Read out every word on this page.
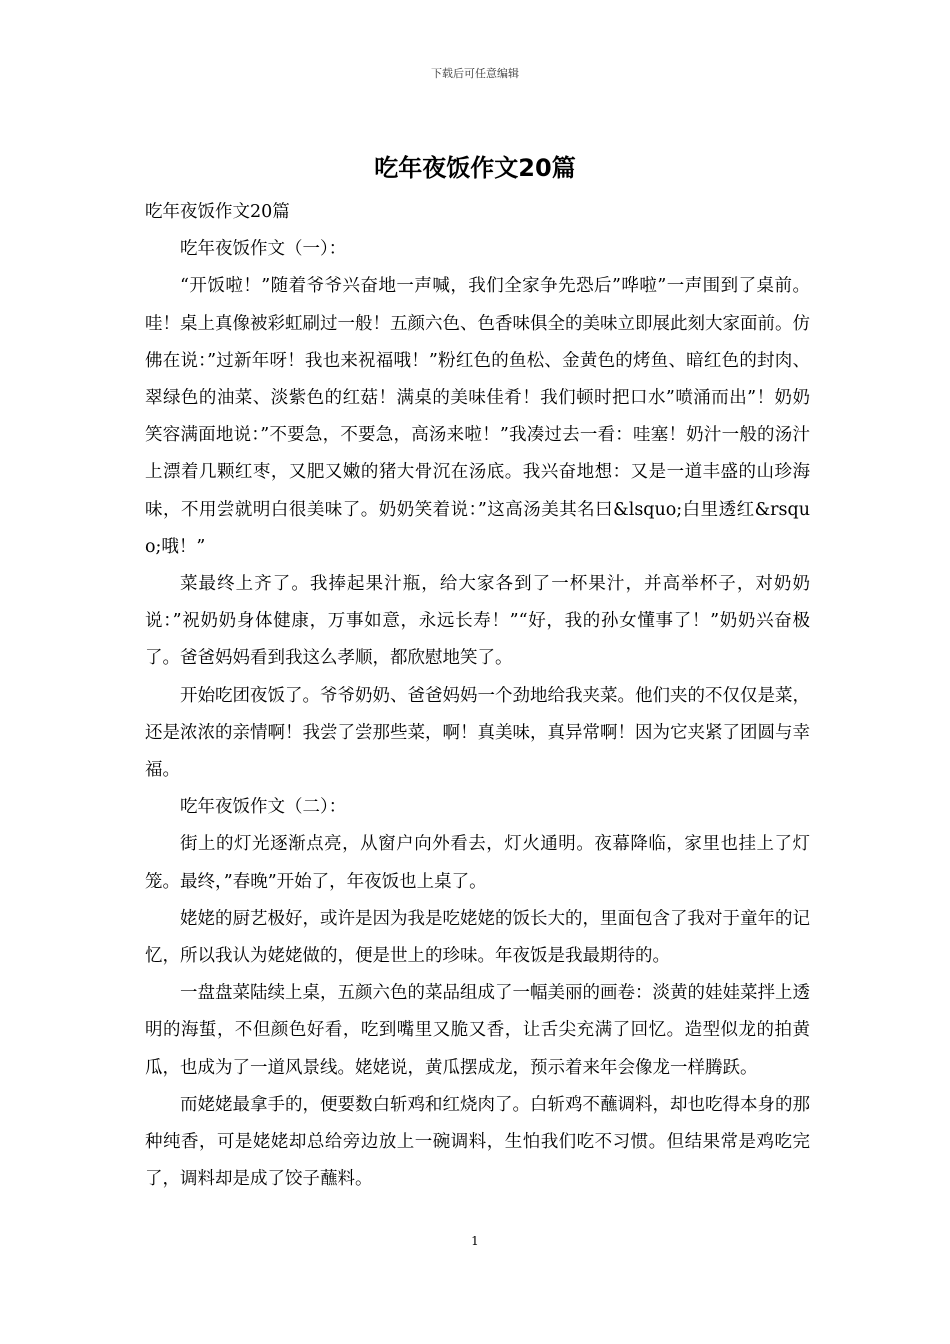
下载后可任意编辑
吃年夜饭作文20篇

吃年夜饭作文20篇

吃年夜饭作文（一）：

“开饭啦！”随着爷爷兴奋地一声喊，我们全家争先恐后”哗啦”一声围到了桌前。哇！桌上真像被彩虹刷过一般！五颜六色、色香味俱全的美味立即展此刻大家面前。仿佛在说：”过新年呀！我也来祝福哦！”粉红色的鱼松、金黄色的烤鱼、暗红色的封肉、翠绿色的油菜、淡紫色的红菇！满桌的美味佳肴！我们顿时把口水”喷涌而出”！奶奶笑容满面地说：”不要急，不要急，高汤来啦！”我凑过去一看：哇塞！奶汁一般的汤汁上漂着几颗红枣，又肥又嫩的猪大骨沉在汤底。我兴奋地想：又是一道丰盛的山珍海味，不用尝就明白很美味了。奶奶笑着说：”这高汤美其名曰&lsquo;白里透红&rsquo;哦！”

菜最终上齐了。我捧起果汁瓶，给大家各到了一杯果汁，并高举杯子，对奶奶说：”祝奶奶身体健康，万事如意，永远长寿！”“好，我的孙女懂事了！”奶奶兴奋极了。爸爸妈妈看到我这么孝顺，都欣慰地笑了。

开始吃团夜饭了。爷爷奶奶、爸爸妈妈一个劲地给我夹菜。他们夹的不仅仅是菜，还是浓浓的亲情啊！我尝了尝那些菜，啊！真美味，真异常啊！因为它夹紧了团圆与幸福。

吃年夜饭作文（二）：

街上的灯光逐渐点亮，从窗户向外看去，灯火通明。夜幕降临，家里也挂上了灯笼。最终，”春晚”开始了，年夜饭也上桌了。

姥姥的厨艺极好，或许是因为我是吃姥姥的饭长大的，里面包含了我对于童年的记忆，所以我认为姥姥做的，便是世上的珍味。年夜饭是我最期待的。

一盘盘菜陆续上桌，五颜六色的菜品组成了一幅美丽的画卷：淡黄的娃娃菜拌上透明的海蜇，不但颜色好看，吃到嘴里又脆又香，让舌尖充满了回忆。造型似龙的拍黄瓜，也成为了一道风景线。姥姥说，黄瓜摆成龙，预示着来年会像龙一样腾跃。

而姥姥最拿手的，便要数白斩鸡和红烧肉了。白斩鸡不蘸调料，却也吃得本身的那种纯香，可是姥姥却总给旁边放上一碗调料，生怕我们吃不习惯。但结果常是鸡吃完了，调料却是成了饺子蘸料。

1
